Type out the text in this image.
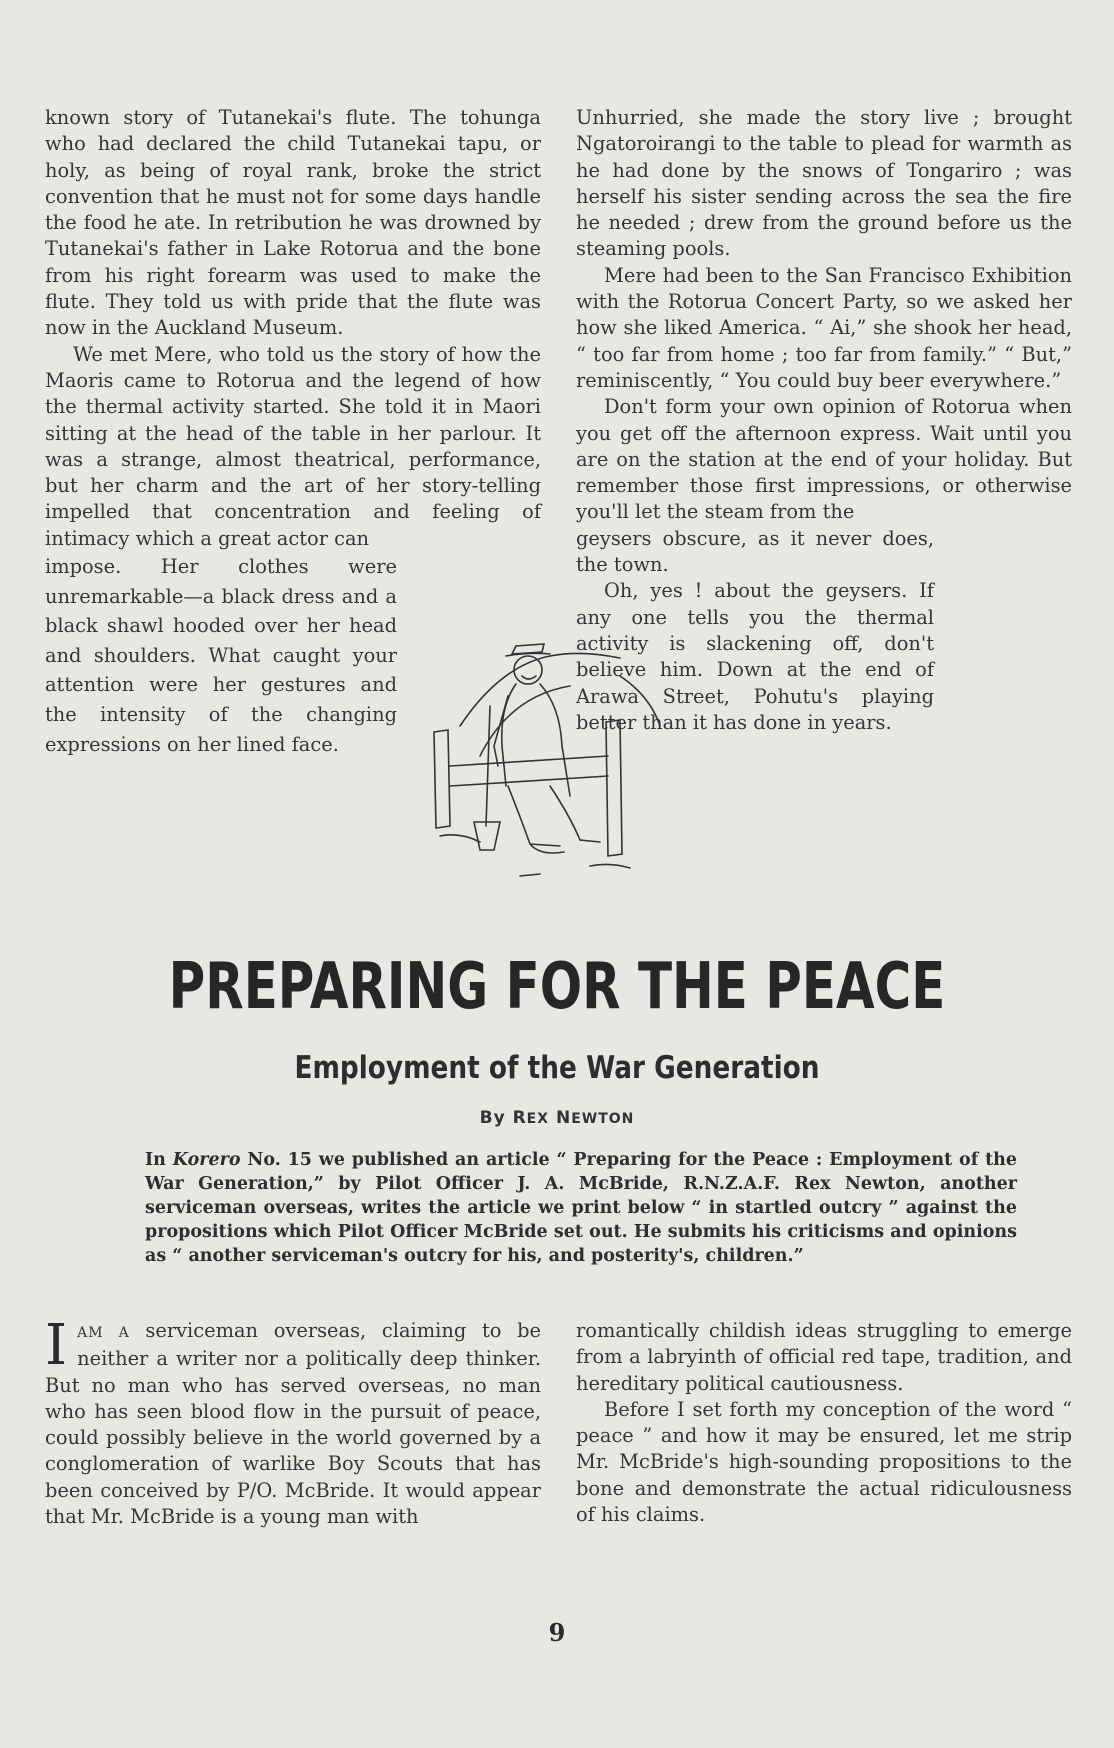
known story of Tutanekai's flute. The tohunga who had declared the child Tutanekai tapu, or holy, as being of royal rank, broke the strict convention that he must not for some days handle the food he ate. In retribution he was drowned by Tutanekai's father in Lake Rotorua and the bone from his right forearm was used to make the flute. They told us with pride that the flute was now in the Auckland Museum.

We met Mere, who told us the story of how the Maoris came to Rotorua and the legend of how the thermal activity started. She told it in Maori sitting at the head of the table in her parlour. It was a strange, almost theatrical, performance, but her charm and the art of her story-telling impelled that concentration and feeling of intimacy which a great actor can

impose. Her clothes were unremarkable—a black dress and a black shawl hooded over her head and shoulders. What caught your attention were her gestures and the intensity of the changing expressions on her lined face.

Unhurried, she made the story live ; brought Ngatoroirangi to the table to plead for warmth as he had done by the snows of Tongariro ; was herself his sister sending across the sea the fire he needed ; drew from the ground before us the steaming pools.

Mere had been to the San Francisco Exhibition with the Rotorua Concert Party, so we asked her how she liked America. “ Ai,” she shook her head, “ too far from home ; too far from family.” “ But,” reminiscently, “ You could buy beer everywhere.”

Don't form your own opinion of Rotorua when you get off the afternoon express. Wait until you are on the station at the end of your holiday. But remember those first impressions, or otherwise you'll let the steam from the

geysers obscure, as it never does, the town.

Oh, yes ! about the geysers. If any one tells you the thermal activity is slackening off, don't believe him. Down at the end of Arawa Street, Pohutu's playing better than it has done in years.

PREPARING FOR THE PEACE
Employment of the War Generation
By REX NEWTON

In Korero No. 15 we published an article “ Preparing for the Peace : Employment of the War Generation,” by Pilot Officer J. A. McBride, R.N.Z.A.F. Rex Newton, another serviceman overseas, writes the article we print below “ in startled outcry ” against the propositions which Pilot Officer McBride set out. He submits his criticisms and opinions as “ another serviceman's outcry for his, and posterity's, children.”

IAM A serviceman overseas, claiming to be neither a writer nor a politically deep thinker. But no man who has served overseas, no man who has seen blood flow in the pursuit of peace, could possibly believe in the world governed by a conglomeration of warlike Boy Scouts that has been conceived by P/O. McBride. It would appear that Mr. McBride is a young man with

romantically childish ideas struggling to emerge from a labryinth of official red tape, tradition, and hereditary political cautiousness.

Before I set forth my conception of the word “ peace ” and how it may be ensured, let me strip Mr. McBride's high-sounding propositions to the bone and demonstrate the actual ridiculousness of his claims.

9
